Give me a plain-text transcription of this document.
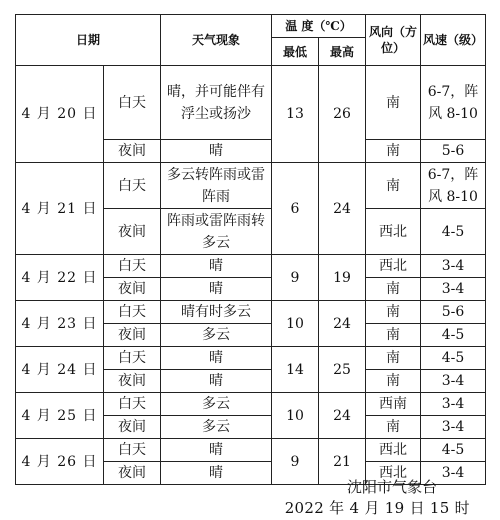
日期		天气现象	温 度（℃）		风向（方位）	风速（级）
			最低	最高		
4 月 20 日	白天	晴，并可能伴有浮尘或扬沙	13	26	南	6-7，阵风 8-10
	夜间	晴			南	5-6
4 月 21 日	白天	多云转阵雨或雷阵雨	6	24	南	6-7，阵风 8-10
	夜间	阵雨或雷阵雨转多云			西北	4-5
4 月 22 日	白天	晴	9	19	西北	3-4
	夜间	晴			南	3-4
4 月 23 日	白天	晴有时多云	10	24	南	5-6
	夜间	多云			南	4-5
4 月 24 日	白天	晴	14	25	南	4-5
	夜间	晴			南	3-4
4 月 25 日	白天	多云	10	24	西南	3-4
	夜间	多云			南	3-4
4 月 26 日	白天	晴	9	21	西北	4-5
	夜间	晴			西北	3-4
沈阳市气象台
2022 年 4 月 19 日 15 时
